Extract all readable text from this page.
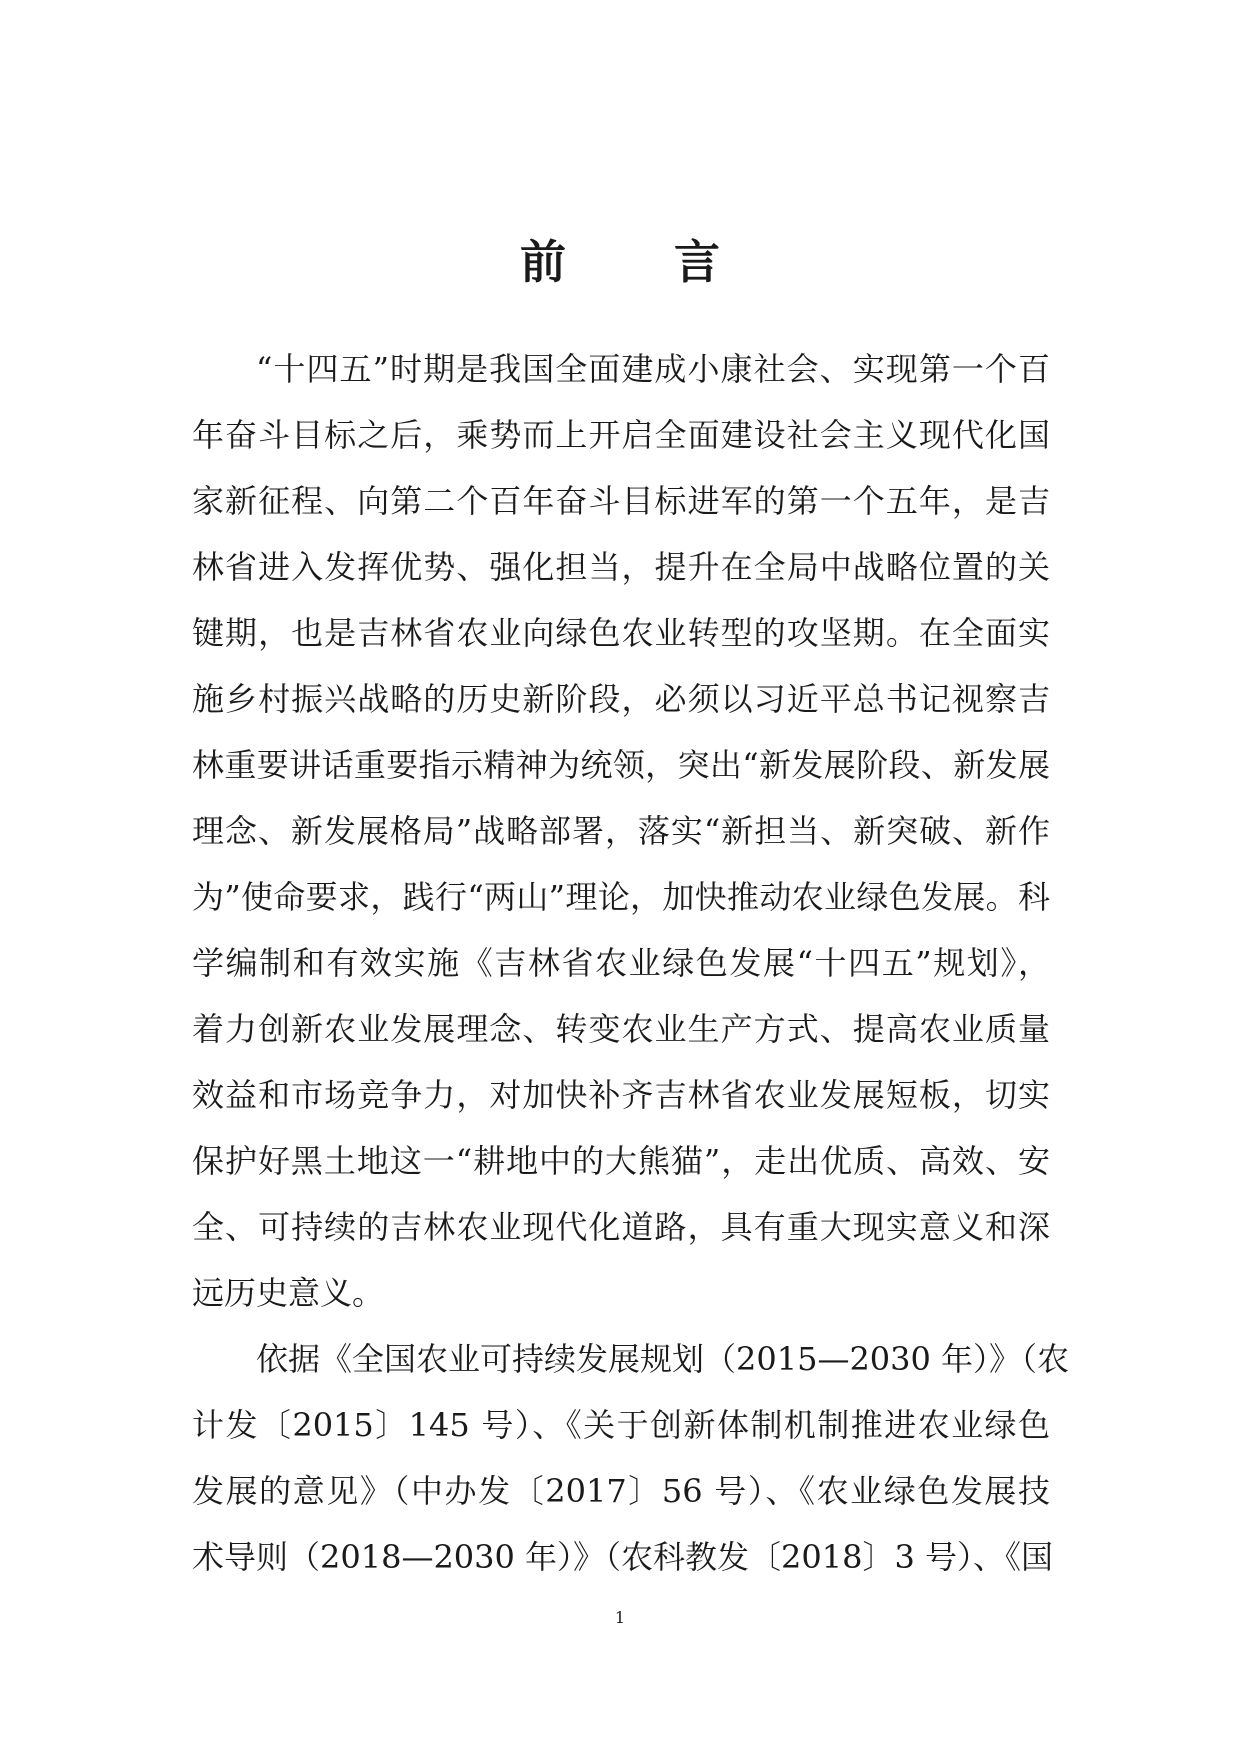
前 言
“十四五”时期是我国全面建成小康社会、实现第一个百
年奋斗目标之后，乘势而上开启全面建设社会主义现代化国
家新征程、向第二个百年奋斗目标进军的第一个五年，是吉
林省进入发挥优势、强化担当，提升在全局中战略位置的关
键期，也是吉林省农业向绿色农业转型的攻坚期。在全面实
施乡村振兴战略的历史新阶段，必须以习近平总书记视察吉
林重要讲话重要指示精神为统领，突出“新发展阶段、新发展
理念、新发展格局”战略部署，落实“新担当、新突破、新作
为”使命要求，践行“两山”理论，加快推动农业绿色发展。科
学编制和有效实施《吉林省农业绿色发展“十四五”规划》，
着力创新农业发展理念、转变农业生产方式、提高农业质量
效益和市场竞争力，对加快补齐吉林省农业发展短板，切实
保护好黑土地这一“耕地中的大熊猫”，走出优质、高效、安
全、可持续的吉林农业现代化道路，具有重大现实意义和深
远历史意义。
依据《全国农业可持续发展规划（2015—2030 年）》（农
计发〔2015〕145 号）、《关于创新体制机制推进农业绿色
发展的意见》（中办发〔2017〕56 号）、《农业绿色发展技
术导则（2018—2030 年）》（农科教发〔2018〕3 号）、《国
1
